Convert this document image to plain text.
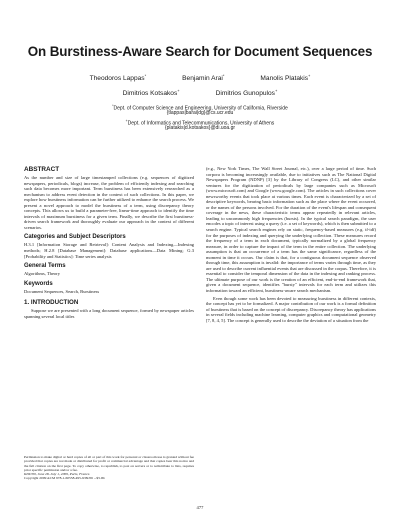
On Burstiness-Aware Search for Document Sequences
Theodoros Lappas*	Benjamin Arai*	Manolis Platakis+
Dimitrios Kotsakos+	Dimitrios Gunopulos+
*Dept. of Computer Science and Engineering, University of California, Riverside
{tlappas|barai|dg}@cs.ucr.edu
+Dept. of Informatics and Telecommunications, University of Athens
{platakis|d.kotsakos}@di.uoa.gr
ABSTRACT

As the number and size of large timestamped collections (e.g. sequences of digitized newspapers, periodicals, blogs) increase, the problem of efficiently indexing and searching such data becomes more important. Term burstiness has been extensively researched as a mechanism to address event detection in the context of such collections. In this paper, we explore how burstiness information can be further utilized to enhance the search process. We present a novel approach to model the burstiness of a term, using discrepancy theory concepts. This allows us to build a parameter-free, linear-time approach to identify the time intervals of maximum burstiness for a given term. Finally, we describe the first burstiness-driven search framework and thoroughly evaluate our approach in the context of different scenarios.

Categories and Subject Descriptors

H.3.1 [Information Storage and Retrieval]: Content Analysis and Indexing—Indexing methods; H.2.8 [Database Management]: Database applications—Data Mining; G.3 [Probability and Statistics]: Time series analysis

General Terms

Algorithms, Theory

Keywords

Document Sequences, Search, Burstiness

1. INTRODUCTION

Suppose we are presented with a long document sequence, formed by newspaper articles spanning several local titles

Permission to make digital or hard copies of all or part of this work for personal or classroom use is granted without fee provided that copies are not made or distributed for profit or commercial advantage and that copies bear this notice and the full citation on the first page. To copy otherwise, to republish, to post on servers or to redistribute to lists, requires prior specific permission and/or a fee.

KDD'09, June 28–July 1, 2009, Paris, France.

Copyright 2009 ACM 978-1-60558-495-9/09/06 ...$5.00.

(e.g., New York Times, The Wall Street Journal, etc.), over a large period of time. Such corpora is becoming increasingly available, due to initiatives such as The National Digital Newspapers Program (NDNP) [3] by the Library of Congress (LC), and other similar ventures for the digitization of periodicals by large companies such as Microsoft (www.microsoft.com) and Google (www.google.com). The articles in such collections cover newsworthy events that took place at various times. Each event is characterized by a set of descriptive keywords, bearing basic information such as the place where the event occurred, or the names of the persons involved. For the duration of the event's lifespan and consequent coverage in the news, these characteristic terms appear repeatedly in relevant articles, leading to uncommonly high frequencies (bursts). In the typical search paradigm, the user encodes a topic of interest using a query (i.e. a set of keywords), which is then submitted to a search engine. Typical search engines rely on static, frequency-based measures (e.g. tf-idf) for the purposes of indexing and querying the underlying collection. These measures record the frequency of a term in each document, typically normalized by a global frequency measure, in order to capture the impact of the term in the entire collection. The underlying assumption is that an occurrence of a term has the same significance, regardless of the moment in time it occurs. Our claim is that, for a contiguous document sequence observed through time, this assumption is invalid: the importance of terms varies through time, as they are used to describe current influential events that are discussed in the corpus. Therefore, it is essential to consider the temporal dimension of the data in the indexing and ranking process. The ultimate purpose of our work is the creation of an efficient, end-to-end framework that, given a document sequence, identifies "bursty" intervals for each term and utilizes this information toward an efficient, burstiness-aware search mechanism.

Even though some work has been devoted to measuring burstiness in different contexts, the concept has yet to be formalized. A major contribution of our work is a formal definition of burstiness that is based on the concept of discrepancy. Discrepancy theory has applications in several fields including machine learning, computer graphics and computational geometry [7, 8, 4, 5]. The concept is generally used to describe the deviation of a situation from the

477
